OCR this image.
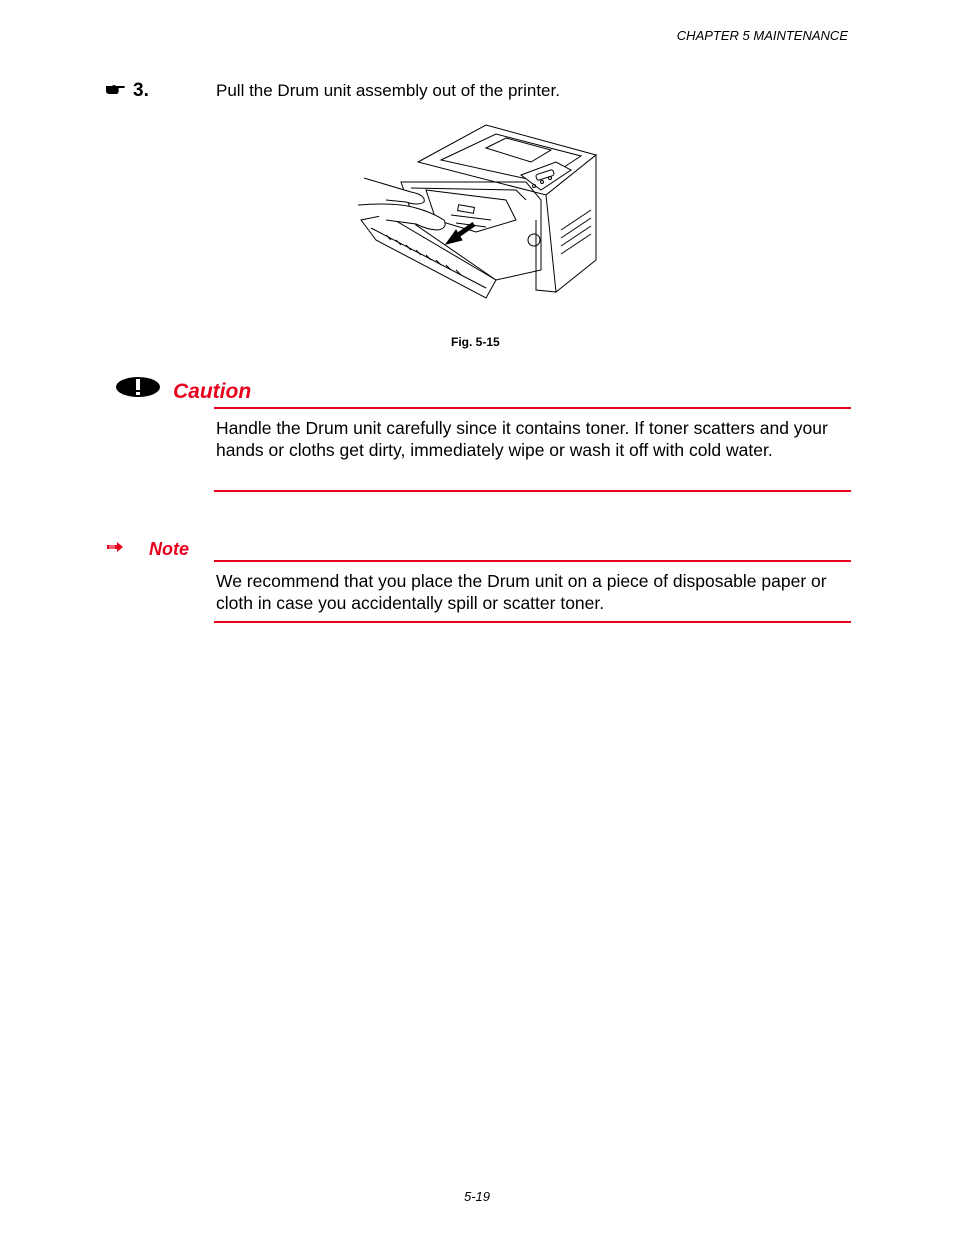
CHAPTER 5 MAINTENANCE
3.	Pull the Drum unit assembly out of the printer.
Fig. 5-15
Caution
Handle the Drum unit carefully since it contains toner. If toner scatters and your hands or cloths get dirty, immediately wipe or wash it off with cold water.
Note
We recommend that you place the Drum unit on a piece of disposable paper or cloth in case you accidentally spill or scatter toner.
5-19
